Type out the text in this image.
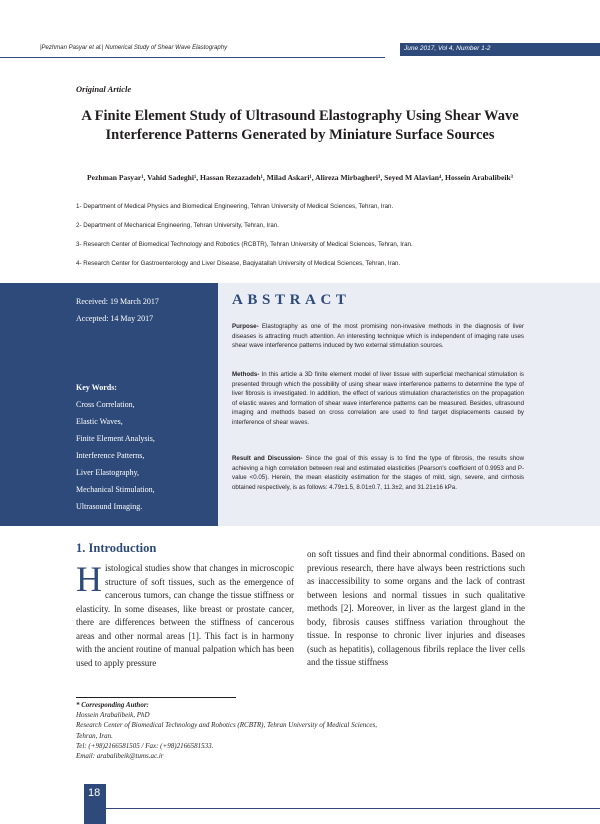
|Pezhman Pasyar et al.| Numerical Study of Shear Wave Elastography	June 2017, Vol 4, Number 1-2
Original Article
A Finite Element Study of Ultrasound Elastography Using Shear Wave Interference Patterns Generated by Miniature Surface Sources
Pezhman Pasyar¹, Vahid Sadeghi¹, Hassan Rezazadeh¹, Milad Askari¹, Alireza Mirbagheri³, Seyed M Alavian⁴, Hossein Arabalibeik³
1- Department of Medical Physics and Biomedical Engineering, Tehran University of Medical Sciences, Tehran, Iran.
2- Department of Mechanical Engineering, Tehran University, Tehran, Iran.
3- Research Center of Biomedical Technology and Robotics (RCBTR), Tehran University of Medical Sciences, Tehran, Iran.
4- Research Center for Gastroenterology and Liver Disease, Baqiyatallah University of Medical Sciences, Tehran, Iran.
Received: 19 March 2017
Accepted: 14 May 2017
Key Words:
Cross Correlation,
Elastic Waves,
Finite Element Analysis,
Interference Patterns,
Liver Elastography,
Mechanical Stimulation,
Ultrasound Imaging.
ABSTRACT
Purpose- Elastography as one of the most promising non-invasive methods in the diagnosis of liver diseases is attracting much attention. An interesting technique which is independent of imaging rate uses shear wave interference patterns induced by two external stimulation sources.
Methods- In this article a 3D finite element model of liver tissue with superficial mechanical stimulation is presented through which the possibility of using shear wave interference patterns to determine the type of liver fibrosis is investigated. In addition, the effect of various stimulation characteristics on the propagation of elastic waves and formation of shear wave interference patterns can be measured. Besides, ultrasound imaging and methods based on cross correlation are used to find target displacements caused by interference of shear waves.
Result and Discussion- Since the goal of this essay is to find the type of fibrosis, the results show achieving a high correlation between real and estimated elasticities (Pearson's coefficient of 0.9953 and P-value <0.05). Herein, the mean elasticity estimation for the stages of mild, sign, severe, and cirrhosis obtained respectively, is as follows: 4.79±1.5, 8.01±0.7, 11.3±2, and 31.21±16 kPa.
1. Introduction
Histological studies show that changes in microscopic structure of soft tissues, such as the emergence of cancerous tumors, can change the tissue stiffness or elasticity. In some diseases, like breast or prostate cancer, there are differences between the stiffness of cancerous areas and other normal areas [1]. This fact is in harmony with the ancient routine of manual palpation which has been used to apply pressure
on soft tissues and find their abnormal conditions. Based on previous research, there have always been restrictions such as inaccessibility to some organs and the lack of contrast between lesions and normal tissues in such qualitative methods [2]. Moreover, in liver as the largest gland in the body, fibrosis causes stiffness variation throughout the tissue. In response to chronic liver injuries and diseases (such as hepatitis), collagenous fibrils replace the liver cells and the tissue stiffness
* Corresponding Author:
Hossein Arabalibeik, PhD
Research Center of Biomedical Technology and Robotics (RCBTR), Tehran University of Medical Sciences,
Tehran, Iran.
Tel: (+98)2166581505 / Fax: (+98)2166581533.
Email: arabalibeik@tums.ac.ir
18
